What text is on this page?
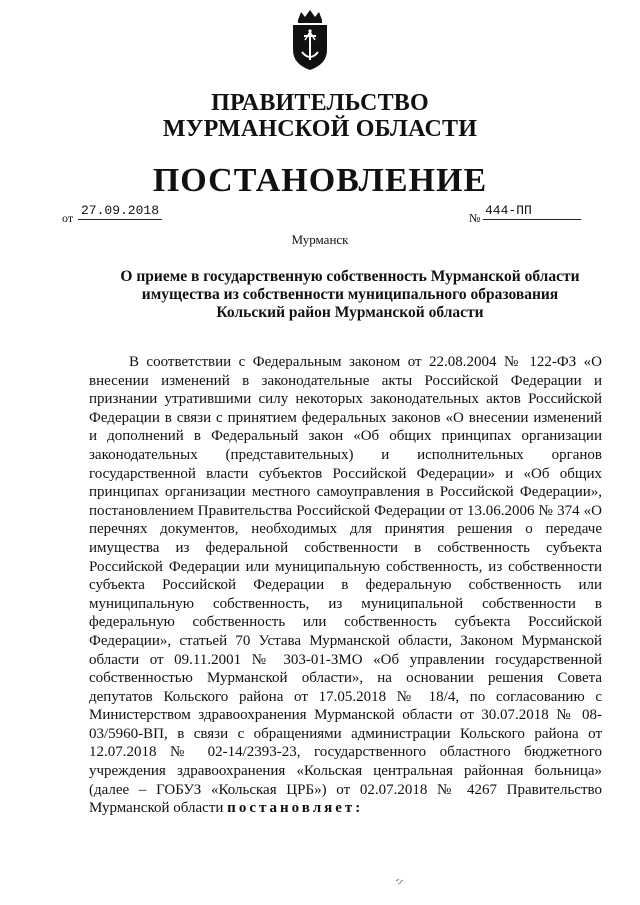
ПРАВИТЕЛЬСТВО
МУРМАНСКОЙ ОБЛАСТИ
ПОСТАНОВЛЕНИЕ
от 27.09.2018	№ 444-ПП
Мурманск
О приеме в государственную собственность Мурманской области
имущества из собственности муниципального образования
Кольский район Мурманской области

В соответствии с Федеральным законом от 22.08.2004 № 122-ФЗ «О внесении изменений в законодательные акты Российской Федерации и признании утратившими силу некоторых законодательных актов Российской Федерации в связи с принятием федеральных законов «О внесении изменений и дополнений в Федеральный закон «Об общих принципах организации законодательных (представительных) и исполнительных органов государственной власти субъектов Российской Федерации» и «Об общих принципах организации местного самоуправления в Российской Федерации», постановлением Правительства Российской Федерации от 13.06.2006 № 374 «О перечнях документов, необходимых для принятия решения о передаче имущества из федеральной собственности в собственность субъекта Российской Федерации или муниципальную собственность, из собственности субъекта Российской Федерации в федеральную собственность или муниципальную собственность, из муниципальной собственности в федеральную собственность или собственность субъекта Российской Федерации», статьей 70 Устава Мурманской области, Законом Мурманской области от 09.11.2001 № 303-01-ЗМО «Об управлении государственной собственностью Мурманской области», на основании решения Совета депутатов Кольского района от 17.05.2018 № 18/4, по согласованию с Министерством здравоохранения Мурманской области от 30.07.2018 № 08-03/5960-ВП, в связи с обращениями администрации Кольского района от 12.07.2018 № 02-14/2393-23, государственного областного бюджетного учреждения здравоохранения «Кольская центральная районная больница» (далее – ГОБУЗ «Кольская ЦРБ») от 02.07.2018 № 4267 Правительство Мурманской области постановляет:
